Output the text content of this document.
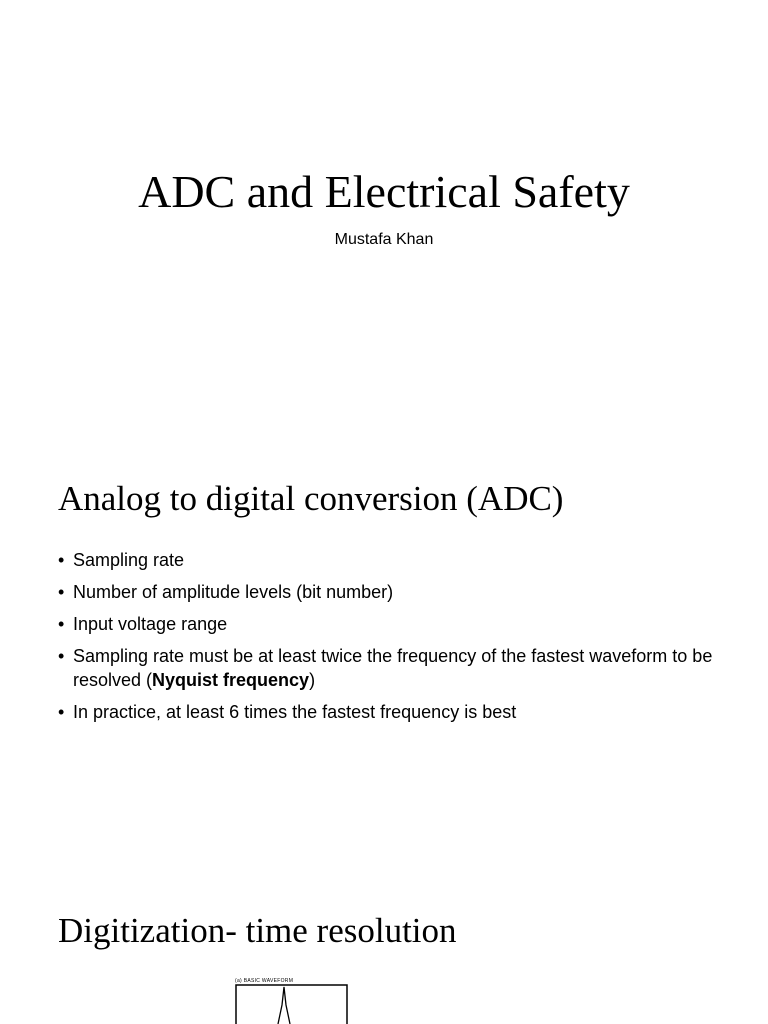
ADC and Electrical Safety
Mustafa Khan
Analog to digital conversion (ADC)
• Sampling rate
• Number of amplitude levels (bit number)
• Input voltage range
• Sampling rate must be at least twice the frequency of the fastest waveform to be resolved (Nyquist frequency)
• In practice, at least 6 times the fastest frequency is best
Digitization- time resolution
(a) BASIC WAVEFORM
